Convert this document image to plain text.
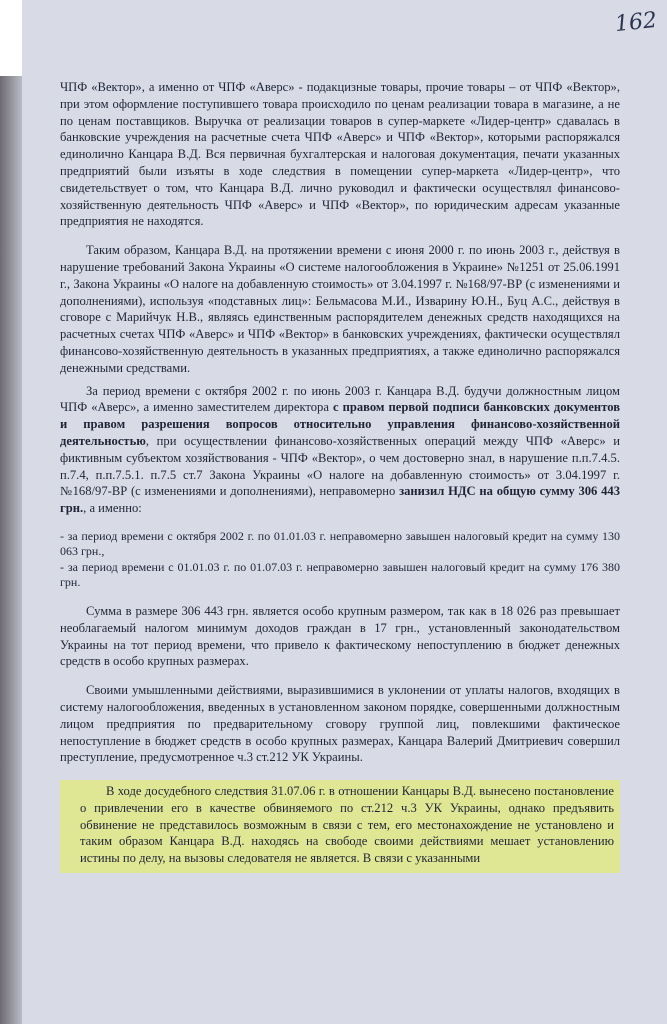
162

ЧПФ «Вектор», а именно от ЧПФ «Аверс» - подакцизные товары, прочие товары – от ЧПФ «Вектор», при этом оформление поступившего товара происходило по ценам реализации товара в магазине, а не по ценам поставщиков. Выручка от реализации товаров в супер-маркете «Лидер-центр» сдавалась в банковские учреждения на расчетные счета ЧПФ «Аверс» и ЧПФ «Вектор», которыми распоряжался единолично Канцара В.Д. Вся первичная бухгалтерская и налоговая документация, печати указанных предприятий были изъяты в ходе следствия в помещении супер-маркета «Лидер-центр», что свидетельствует о том, что Канцара В.Д. лично руководил и фактически осуществлял финансово-хозяйственную деятельность ЧПФ «Аверс» и ЧПФ «Вектор», по юридическим адресам указанные предприятия не находятся.

Таким образом, Канцара В.Д. на протяжении времени с июня 2000 г. по июнь 2003 г., действуя в нарушение требований Закона Украины «О системе налогообложения в Украине» №1251 от 25.06.1991 г., Закона Украины «О налоге на добавленную стоимость» от 3.04.1997 г. №168/97-ВР (с изменениями и дополнениями), используя «подставных лиц»: Бельмасова М.И., Изварину Ю.Н., Буц А.С., действуя в сговоре с Марийчук Н.В., являясь единственным распорядителем денежных средств находящихся на расчетных счетах ЧПФ «Аверс» и ЧПФ «Вектор» в банковских учреждениях, фактически осуществлял финансово-хозяйственную деятельность в указанных предприятиях, а также единолично распоряжался денежными средствами.

За период времени с октября 2002 г. по июнь 2003 г. Канцара В.Д. будучи должностным лицом ЧПФ «Аверс», а именно заместителем директора с правом первой подписи банковских документов и правом разрешения вопросов относительно управления финансово-хозяйственной деятельностью, при осуществлении финансово-хозяйственных операций между ЧПФ «Аверс» и фиктивным субъектом хозяйствования - ЧПФ «Вектор», о чем достоверно знал, в нарушение п.п.7.4.5. п.7.4, п.п.7.5.1. п.7.5 ст.7 Закона Украины «О налоге на добавленную стоимость» от 3.04.1997 г. №168/97-ВР (с изменениями и дополнениями), неправомерно занизил НДС на общую сумму 306 443 грн., а именно:

- за период времени с октября 2002 г. по 01.01.03 г. неправомерно завышен налоговый кредит на сумму 130 063 грн.,

- за период времени с 01.01.03 г. по 01.07.03 г. неправомерно завышен налоговый кредит на сумму 176 380 грн.

Сумма в размере 306 443 грн. является особо крупным размером, так как в 18 026 раз превышает необлагаемый налогом минимум доходов граждан в 17 грн., установленный законодательством Украины на тот период времени, что привело к фактическому непоступлению в бюджет денежных средств в особо крупных размерах.

Своими умышленными действиями, выразившимися в уклонении от уплаты налогов, входящих в систему налогообложения, введенных в установленном законом порядке, совершенными должностным лицом предприятия по предварительному сговору группой лиц, повлекшими фактическое непоступление в бюджет средств в особо крупных размерах, Канцара Валерий Дмитриевич совершил преступление, предусмотренное ч.3 ст.212 УК Украины.

В ходе досудебного следствия 31.07.06 г. в отношении Канцары В.Д. вынесено постановление о привлечении его в качестве обвиняемого по ст.212 ч.3 УК Украины, однако предъявить обвинение не представилось возможным в связи с тем, его местонахождение не установлено и таким образом Канцара В.Д. находясь на свободе своими действиями мешает установлению истины по делу, на вызовы следователя не является. В связи с указанными
